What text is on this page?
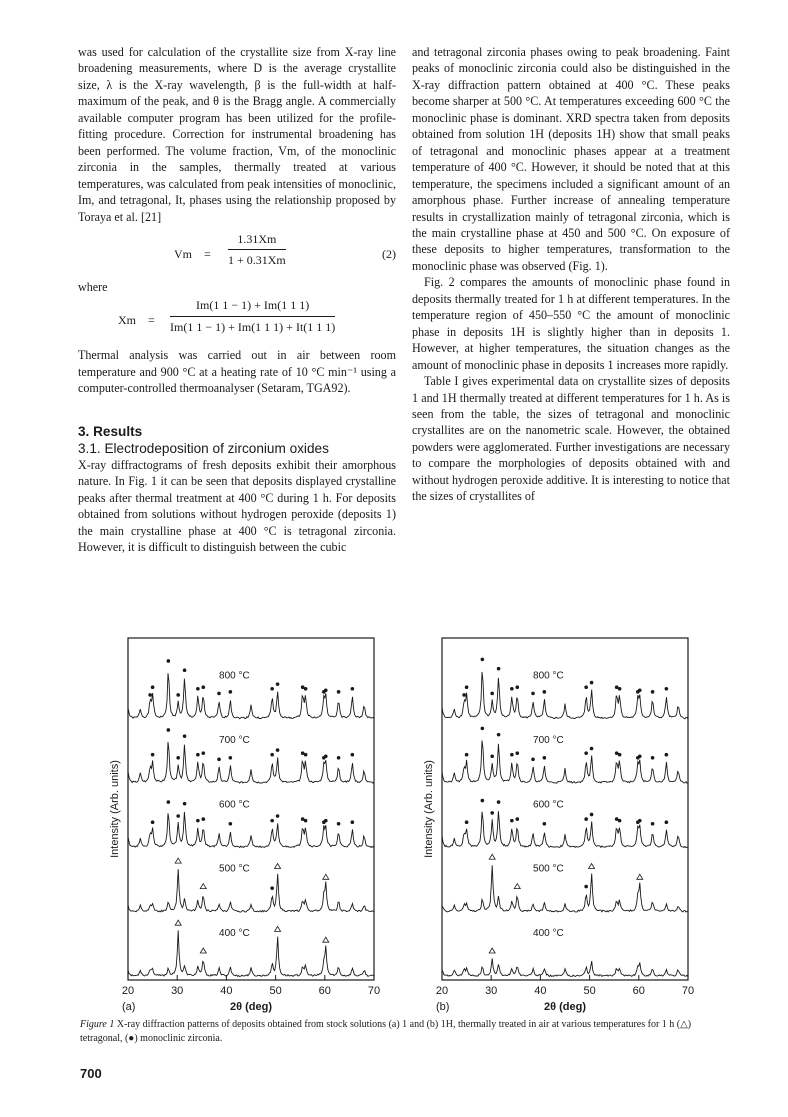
was used for calculation of the crystallite size from X-ray line broadening measurements, where D is the average crystallite size, λ is the X-ray wavelength, β is the full-width at half-maximum of the peak, and θ is the Bragg angle. A commercially available computer program has been utilized for the profile-fitting procedure. Correction for instrumental broadening has been performed. The volume fraction, Vm, of the monoclinic zirconia in the samples, thermally treated at various temperatures, was calculated from peak intensities of monoclinic, Im, and tetragonal, It, phases using the relationship proposed by Toraya et al. [21]

$Vm = \frac{1.31Xm}{1 + 0.31Xm}$	(2)

where

$Xm = \frac{Im(1 1 - 1) + Im(1 1 1)}{Im(1 1 - 1) + Im(1 1 1) + It(1 1 1)}$

Thermal analysis was carried out in air between room temperature and 900 °C at a heating rate of 10 °C min⁻¹ using a computer-controlled thermoanalyser (Setaram, TGA92).

3. Results

3.1. Electrodeposition of zirconium oxides

X-ray diffractograms of fresh deposits exhibit their amorphous nature. In Fig. 1 it can be seen that deposits displayed crystalline peaks after thermal treatment at 400 °C during 1 h. For deposits obtained from solutions without hydrogen peroxide (deposits 1) the main crystalline phase at 400 °C is tetragonal zirconia. However, it is difficult to distinguish between the cubic

and tetragonal zirconia phases owing to peak broadening. Faint peaks of monoclinic zirconia could also be distinguished in the X-ray diffraction pattern obtained at 400 °C. These peaks become sharper at 500 °C. At temperatures exceeding 600 °C the monoclinic phase is dominant. XRD spectra taken from deposits obtained from solution 1H (deposits 1H) show that small peaks of tetragonal and monoclinic phases appear at a treatment temperature of 400 °C. However, it should be noted that at this temperature, the specimens included a significant amount of an amorphous phase. Further increase of annealing temperature results in crystallization mainly of tetragonal zirconia, which is the main crystalline phase at 450 and 500 °C. On exposure of these deposits to higher temperatures, transformation to the monoclinic phase was observed (Fig. 1).

Fig. 2 compares the amounts of monoclinic phase found in deposits thermally treated for 1 h at different temperatures. In the temperature region of 450–550 °C the amount of monoclinic phase in deposits 1H is slightly higher than in deposits 1. However, at higher temperatures, the situation changes as the amount of monoclinic phase in deposits 1 increases more rapidly.

Table I gives experimental data on crystallite sizes of deposits 1 and 1H thermally treated at different temperatures for 1 h. As is seen from the table, the sizes of tetragonal and monoclinic crystallites are on the nanometric scale. However, the obtained powders were agglomerated. Further investigations are necessary to compare the morphologies of deposits obtained with and without hydrogen peroxide additive. It is interesting to notice that the sizes of crystallites of

Intensity (Arb. units)
20	30	40	50	60	70
(a)	2θ (deg)
800 °C
700 °C
600 °C
500 °C
400 °C
Intensity (Arb. units)
20	30	40	50	60	70
(b)	2θ (deg)
800 °C
700 °C
600 °C
500 °C
400 °C
Figure 1 X-ray diffraction patterns of deposits obtained from stock solutions (a) 1 and (b) 1H, thermally treated in air at various temperatures for 1 h (△) tetragonal, (●) monoclinic zirconia.
700
